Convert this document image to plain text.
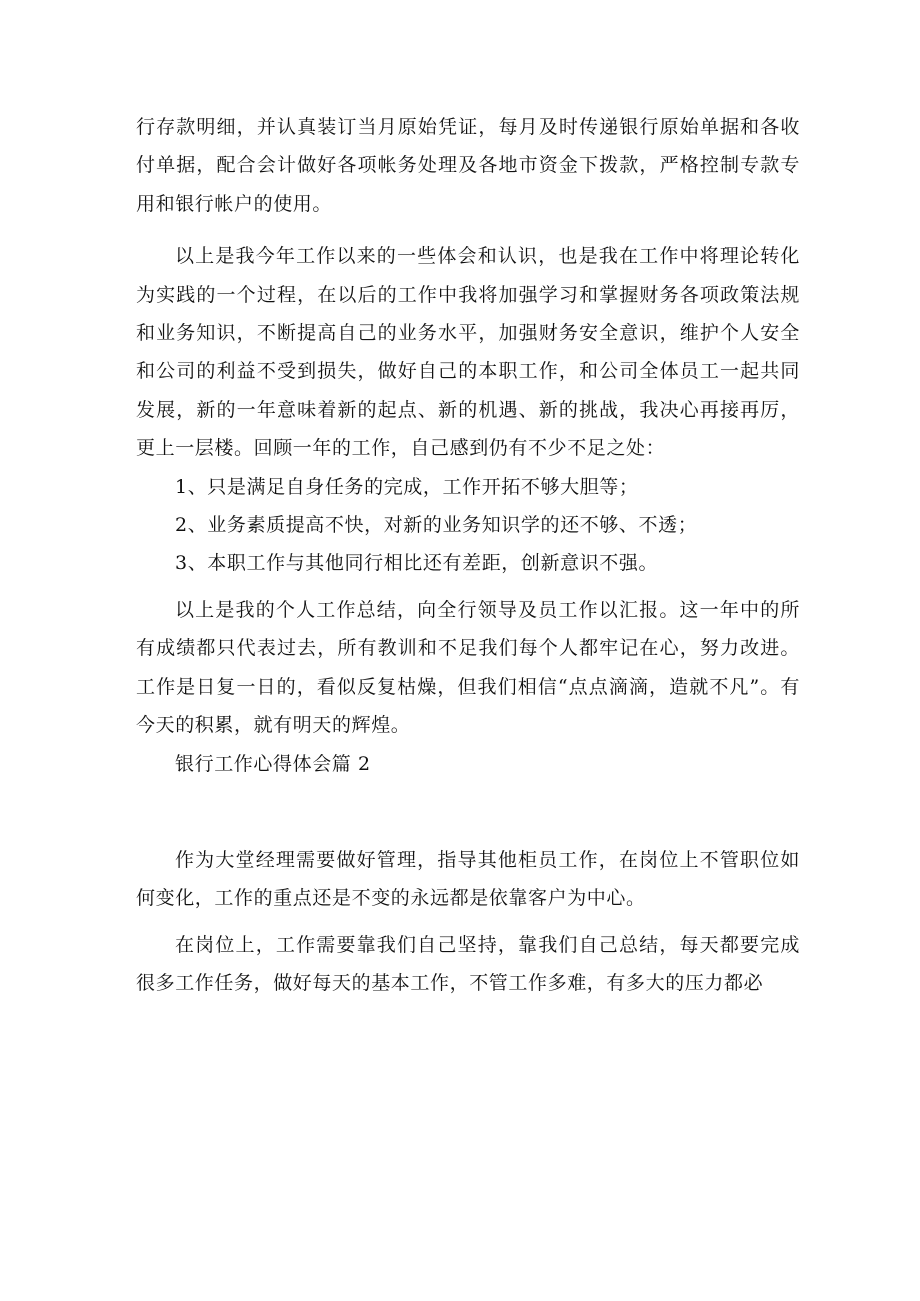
行存款明细，并认真装订当月原始凭证，每月及时传递银行原始单据和各收付单据，配合会计做好各项帐务处理及各地市资金下拨款，严格控制专款专用和银行帐户的使用。

以上是我今年工作以来的一些体会和认识，也是我在工作中将理论转化为实践的一个过程，在以后的工作中我将加强学习和掌握财务各项政策法规和业务知识，不断提高自己的业务水平，加强财务安全意识，维护个人安全和公司的利益不受到损失，做好自己的本职工作，和公司全体员工一起共同发展，新的一年意味着新的起点、新的机遇、新的挑战，我决心再接再厉，更上一层楼。回顾一年的工作，自己感到仍有不少不足之处：

1、只是满足自身任务的完成，工作开拓不够大胆等；

2、业务素质提高不快，对新的业务知识学的还不够、不透；

3、本职工作与其他同行相比还有差距，创新意识不强。

以上是我的个人工作总结，向全行领导及员工作以汇报。这一年中的所有成绩都只代表过去，所有教训和不足我们每个人都牢记在心，努力改进。工作是日复一日的，看似反复枯燥，但我们相信“点点滴滴，造就不凡”。有今天的积累，就有明天的辉煌。

银行工作心得体会篇 2

作为大堂经理需要做好管理，指导其他柜员工作，在岗位上不管职位如何变化，工作的重点还是不变的永远都是依靠客户为中心。

在岗位上，工作需要靠我们自己坚持，靠我们自己总结，每天都要完成很多工作任务，做好每天的基本工作，不管工作多难，有多大的压力都必
